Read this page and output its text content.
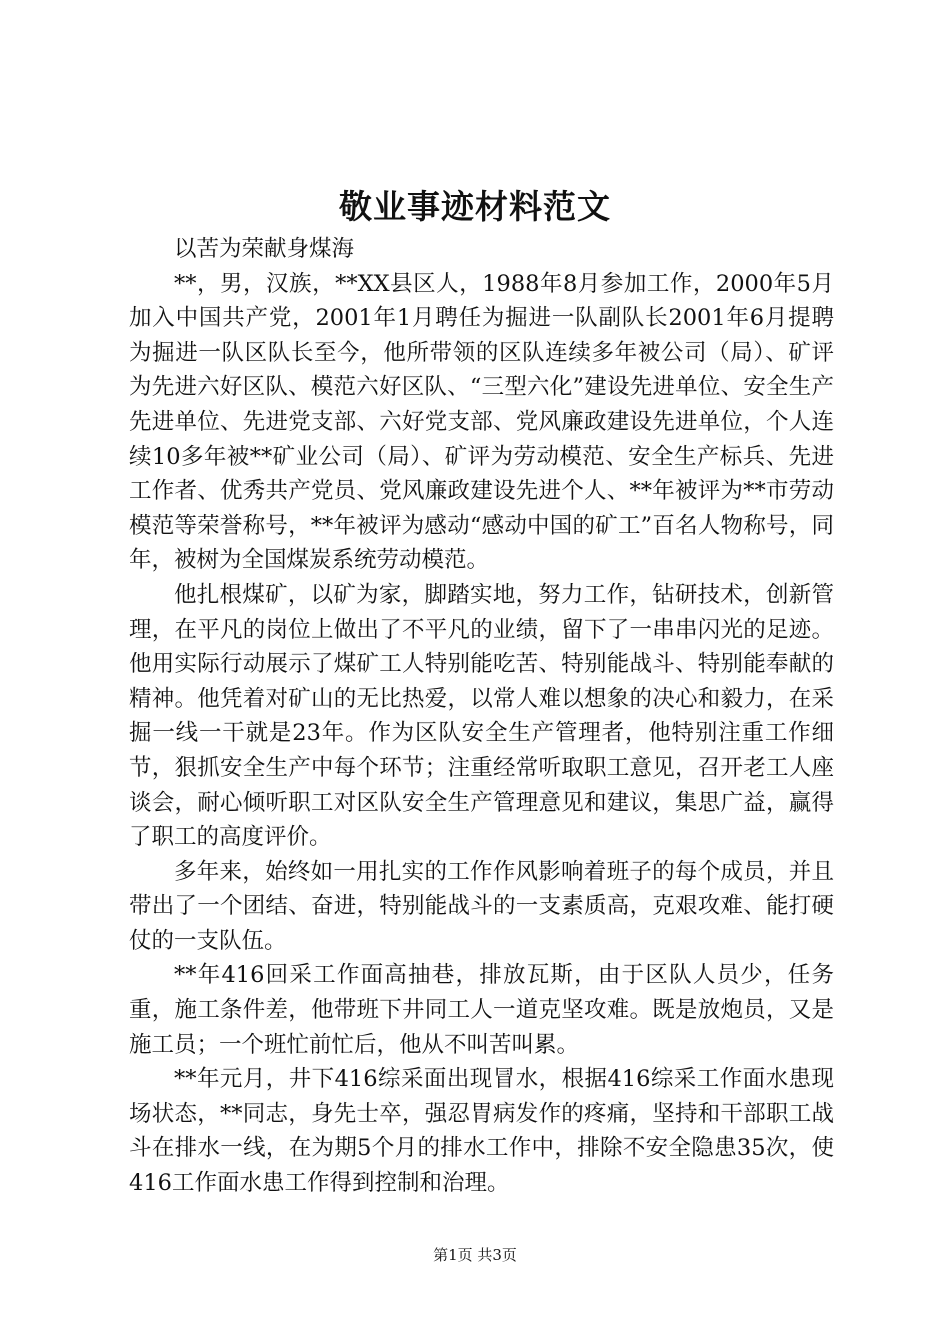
敬业事迹材料范文

以苦为荣献身煤海

**，男，汉族，**XX县区人，1988年8月参加工作，2000年5月加入中国共产党，2001年1月聘任为掘进一队副队长2001年6月提聘为掘进一队区队长至今，他所带领的区队连续多年被公司（局）、矿评为先进六好区队、模范六好区队、“三型六化”建设先进单位、安全生产先进单位、先进党支部、六好党支部、党风廉政建设先进单位，个人连续10多年被**矿业公司（局）、矿评为劳动模范、安全生产标兵、先进工作者、优秀共产党员、党风廉政建设先进个人、**年被评为**市劳动模范等荣誉称号，**年被评为感动“感动中国的矿工”百名人物称号，同年，被树为全国煤炭系统劳动模范。

他扎根煤矿，以矿为家，脚踏实地，努力工作，钻研技术，创新管理，在平凡的岗位上做出了不平凡的业绩，留下了一串串闪光的足迹。他用实际行动展示了煤矿工人特别能吃苦、特别能战斗、特别能奉献的精神。他凭着对矿山的无比热爱，以常人难以想象的决心和毅力，在采掘一线一干就是23年。作为区队安全生产管理者，他特别注重工作细节，狠抓安全生产中每个环节；注重经常听取职工意见，召开老工人座谈会，耐心倾听职工对区队安全生产管理意见和建议，集思广益，赢得了职工的高度评价。

多年来，始终如一用扎实的工作作风影响着班子的每个成员，并且带出了一个团结、奋进，特别能战斗的一支素质高，克艰攻难、能打硬仗的一支队伍。

**年416回采工作面高抽巷，排放瓦斯，由于区队人员少，任务重，施工条件差，他带班下井同工人一道克坚攻难。既是放炮员，又是施工员；一个班忙前忙后，他从不叫苦叫累。

**年元月，井下416综采面出现冒水，根据416综采工作面水患现场状态，**同志，身先士卒，强忍胃病发作的疼痛，坚持和干部职工战斗在排水一线，在为期5个月的排水工作中，排除不安全隐患35次，使416工作面水患工作得到控制和治理。

第1页 共3页
